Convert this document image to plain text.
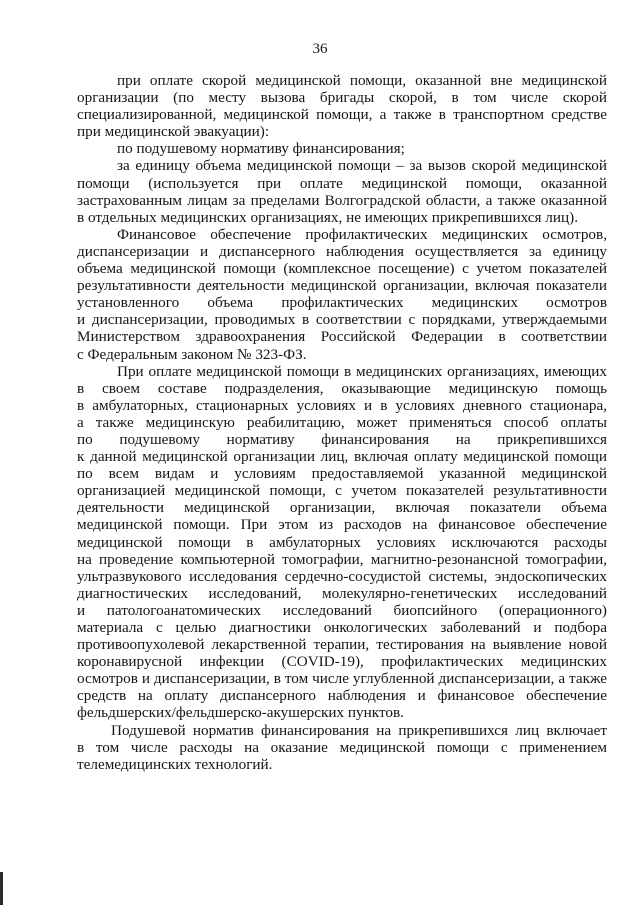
36
при оплате скорой медицинской помощи, оказанной вне медицинской
организации (по месту вызова бригады скорой, в том числе скорой
специализированной, медицинской помощи, а также в транспортном средстве
при медицинской эвакуации):
по подушевому нормативу финансирования;
за единицу объема медицинской помощи – за вызов скорой медицинской
помощи (используется при оплате медицинской помощи, оказанной
застрахованным лицам за пределами Волгоградской области, а также оказанной
в отдельных медицинских организациях, не имеющих прикрепившихся лиц).
Финансовое обеспечение профилактических медицинских осмотров,
диспансеризации и диспансерного наблюдения осуществляется за единицу
объема медицинской помощи (комплексное посещение) с учетом показателей
результативности деятельности медицинской организации, включая показатели
установленного объема профилактических медицинских осмотров
и диспансеризации, проводимых в соответствии с порядками, утверждаемыми
Министерством здравоохранения Российской Федерации в соответствии
с Федеральным законом № 323-ФЗ.
При оплате медицинской помощи в медицинских организациях, имеющих
в своем составе подразделения, оказывающие медицинскую помощь
в амбулаторных, стационарных условиях и в условиях дневного стационара,
а также медицинскую реабилитацию, может применяться способ оплаты
по подушевому нормативу финансирования на прикрепившихся
к данной медицинской организации лиц, включая оплату медицинской помощи
по всем видам и условиям предоставляемой указанной медицинской
организацией медицинской помощи, с учетом показателей результативности
деятельности медицинской организации, включая показатели объема
медицинской помощи. При этом из расходов на финансовое обеспечение
медицинской помощи в амбулаторных условиях исключаются расходы
на проведение компьютерной томографии, магнитно-резонансной томографии,
ультразвукового исследования сердечно-сосудистой системы, эндоскопических
диагностических исследований, молекулярно-генетических исследований
и патологоанатомических исследований биопсийного (операционного)
материала с целью диагностики онкологических заболеваний и подбора
противоопухолевой лекарственной терапии, тестирования на выявление новой
коронавирусной инфекции (COVID-19), профилактических медицинских
осмотров и диспансеризации, в том числе углубленной диспансеризации, а также
средств на оплату диспансерного наблюдения и финансовое обеспечение
фельдшерских/фельдшерско-акушерских пунктов.
Подушевой норматив финансирования на прикрепившихся лиц включает
в том числе расходы на оказание медицинской помощи с применением
телемедицинских технологий.
